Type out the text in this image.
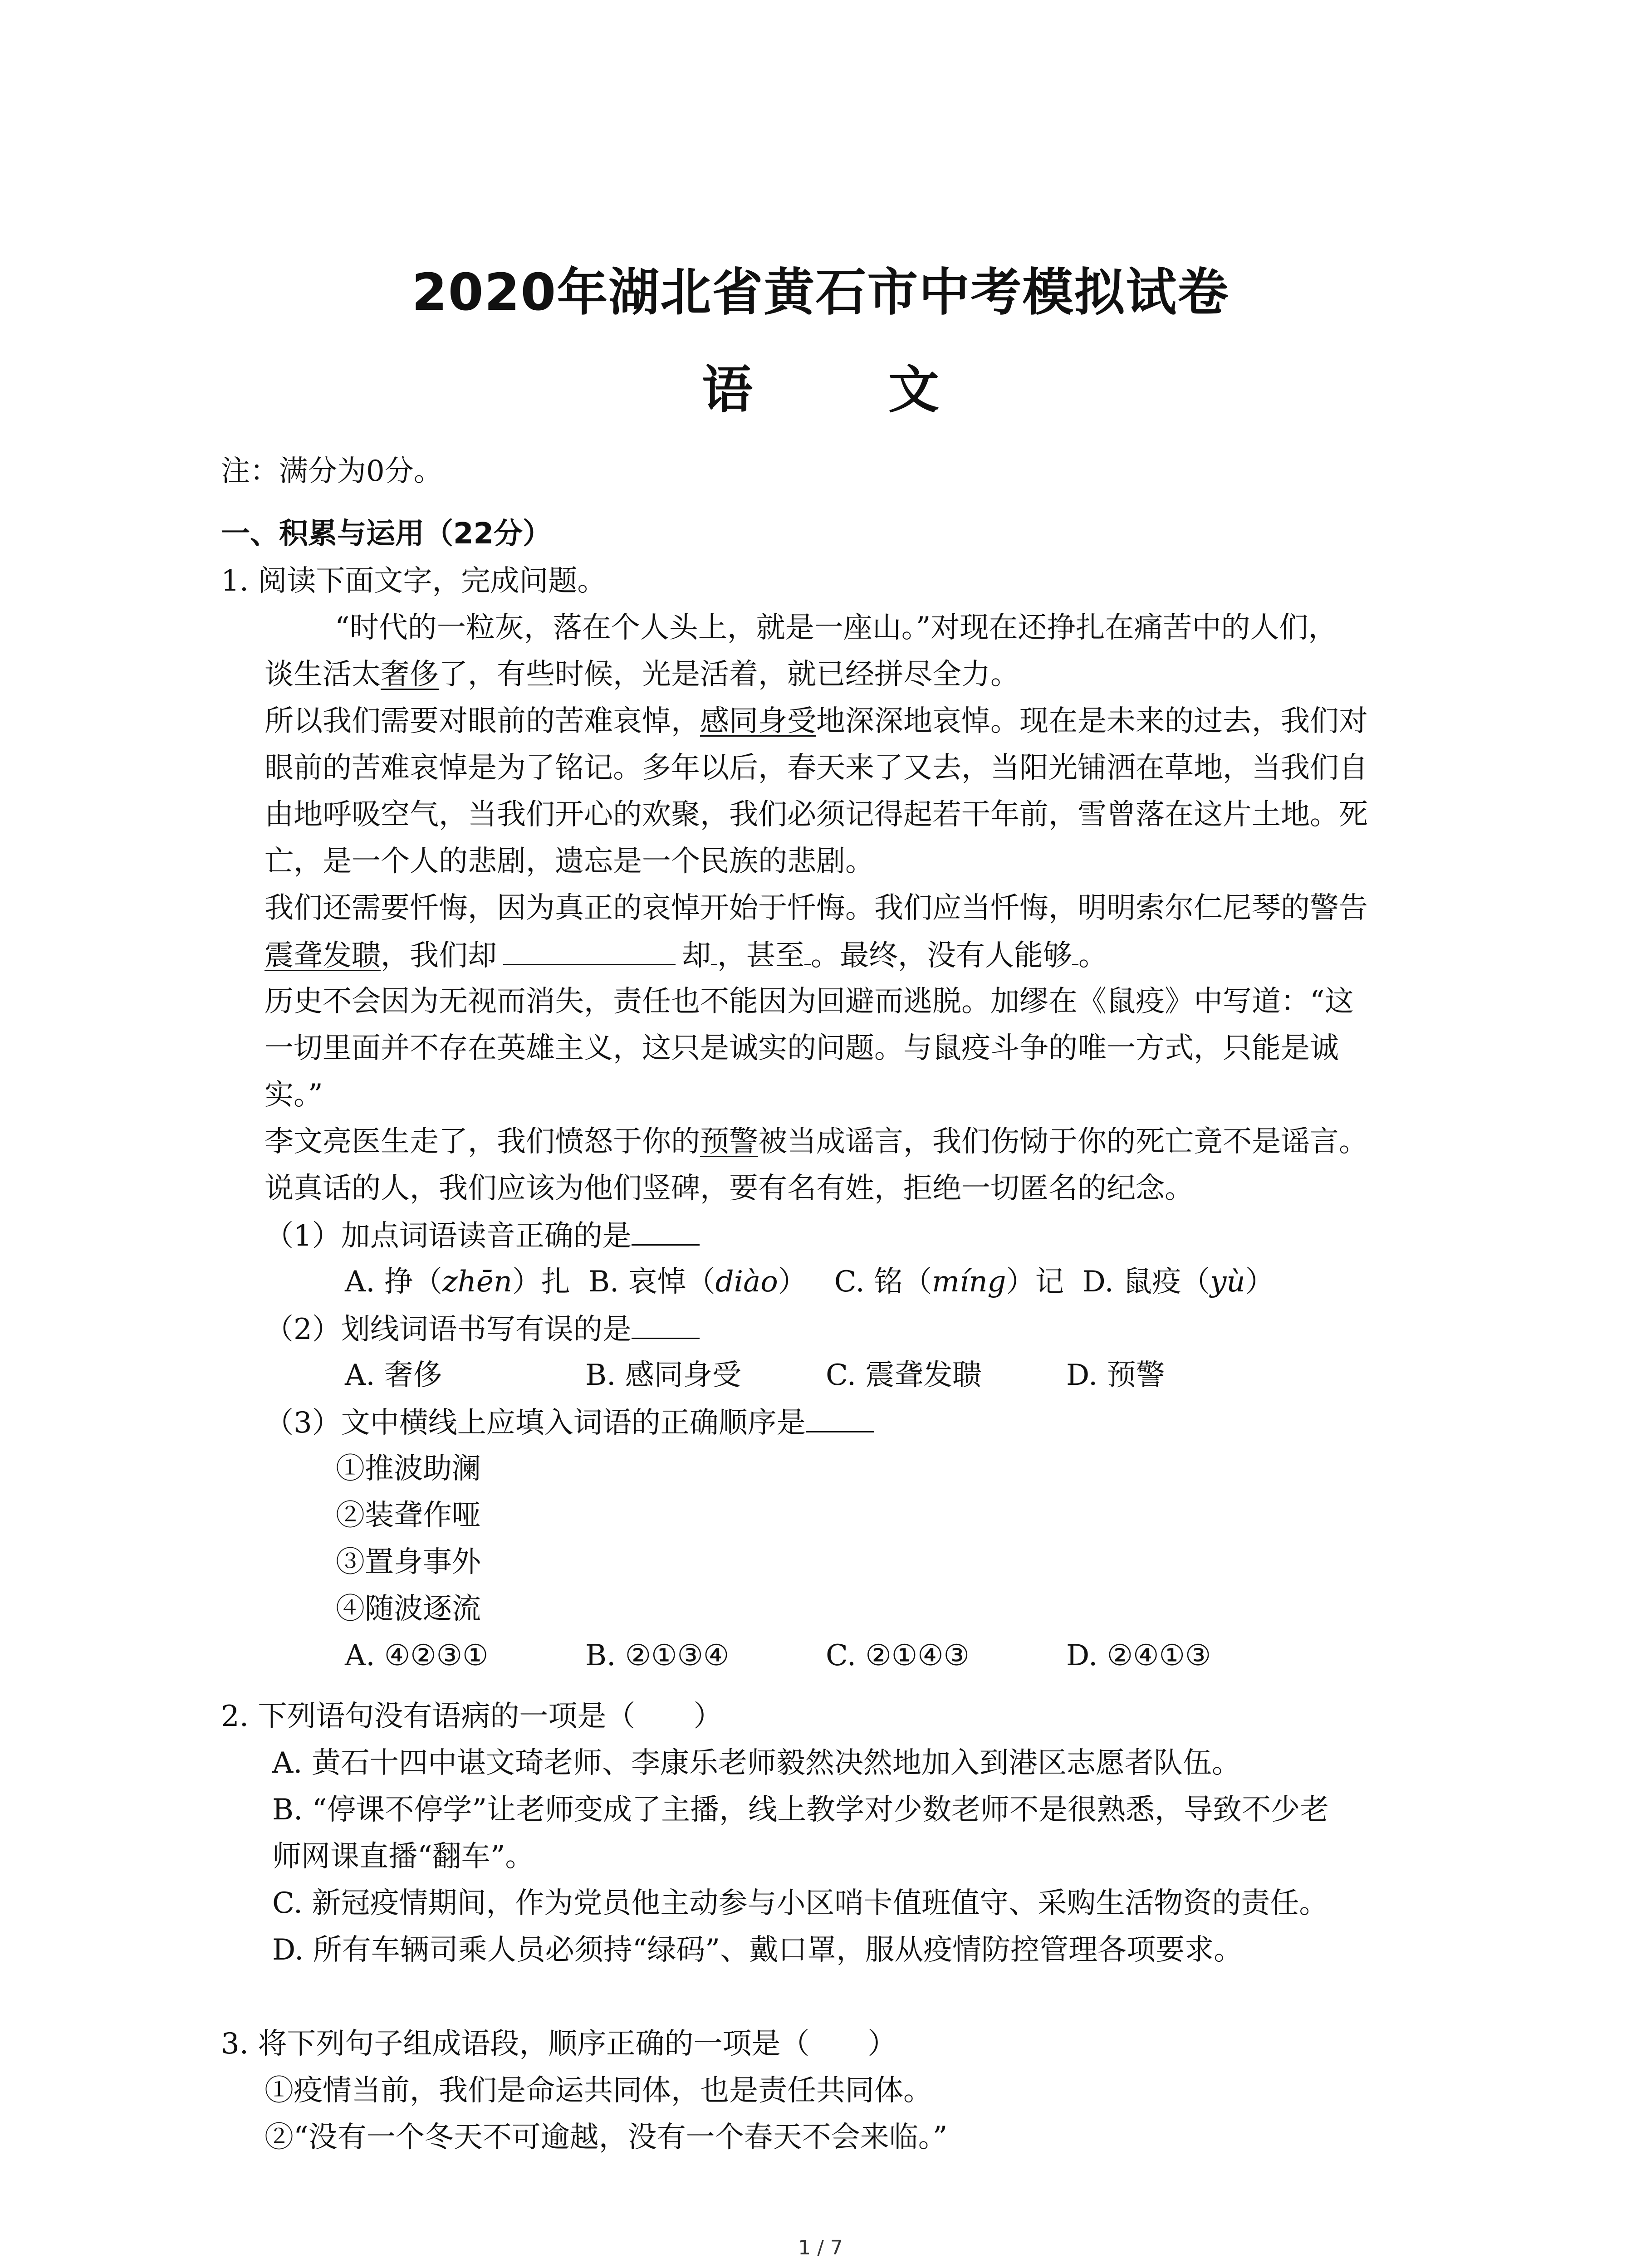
2020年湖北省黄石市中考模拟试卷
语 文
注：满分为0分。
一、积累与运用（22分）
1. 阅读下面文字，完成问题。
“时代的一粒灰，落在个人头上，就是一座山。”对现在还挣扎在痛苦中的人们，
谈生活太奢侈了，有些时候，光是活着，就已经拼尽全力。
所以我们需要对眼前的苦难哀悼，感同身受地深深地哀悼。现在是未来的过去，我们对
眼前的苦难哀悼是为了铭记。多年以后，春天来了又去，当阳光铺洒在草地，当我们自
由地呼吸空气，当我们开心的欢聚，我们必须记得起若干年前，雪曾落在这片土地。死
亡，是一个人的悲剧，遗忘是一个民族的悲剧。
我们还需要忏悔，因为真正的哀悼开始于忏悔。我们应当忏悔，明明索尔仁尼琴的警告
震聋发聩，我们却	却 ，甚至 。最终，没有人能够 。
历史不会因为无视而消失，责任也不能因为回避而逃脱。加缪在《鼠疫》中写道：“这
一切里面并不存在英雄主义，这只是诚实的问题。与鼠疫斗争的唯一方式，只能是诚
实。”
李文亮医生走了，我们愤怒于你的预警被当成谣言，我们伤恸于你的死亡竟不是谣言。
说真话的人，我们应该为他们竖碑，要有名有姓，拒绝一切匿名的纪念。
（1）加点词语读音正确的是
A. 挣（zhēn）扎 B. 哀悼（diào） C. 铭（míng）记 D. 鼠疫（yù）
（2）划线词语书写有误的是
A. 奢侈	B. 感同身受	C. 震聋发聩	D. 预警
（3）文中横线上应填入词语的正确顺序是
①推波助澜
②装聋作哑
③置身事外
④随波逐流
A. ④②③①	B. ②①③④	C. ②①④③	D. ②④①③
2. 下列语句没有语病的一项是（　　）
A. 黄石十四中谌文琦老师、李康乐老师毅然决然地加入到港区志愿者队伍。
B. “停课不停学”让老师变成了主播，线上教学对少数老师不是很熟悉，导致不少老
师网课直播“翻车”。
C. 新冠疫情期间，作为党员他主动参与小区哨卡值班值守、采购生活物资的责任。
D. 所有车辆司乘人员必须持“绿码”、戴口罩，服从疫情防控管理各项要求。
3. 将下列句子组成语段，顺序正确的一项是（　　）
①疫情当前，我们是命运共同体，也是责任共同体。
②“没有一个冬天不可逾越，没有一个春天不会来临。”
1 / 7
